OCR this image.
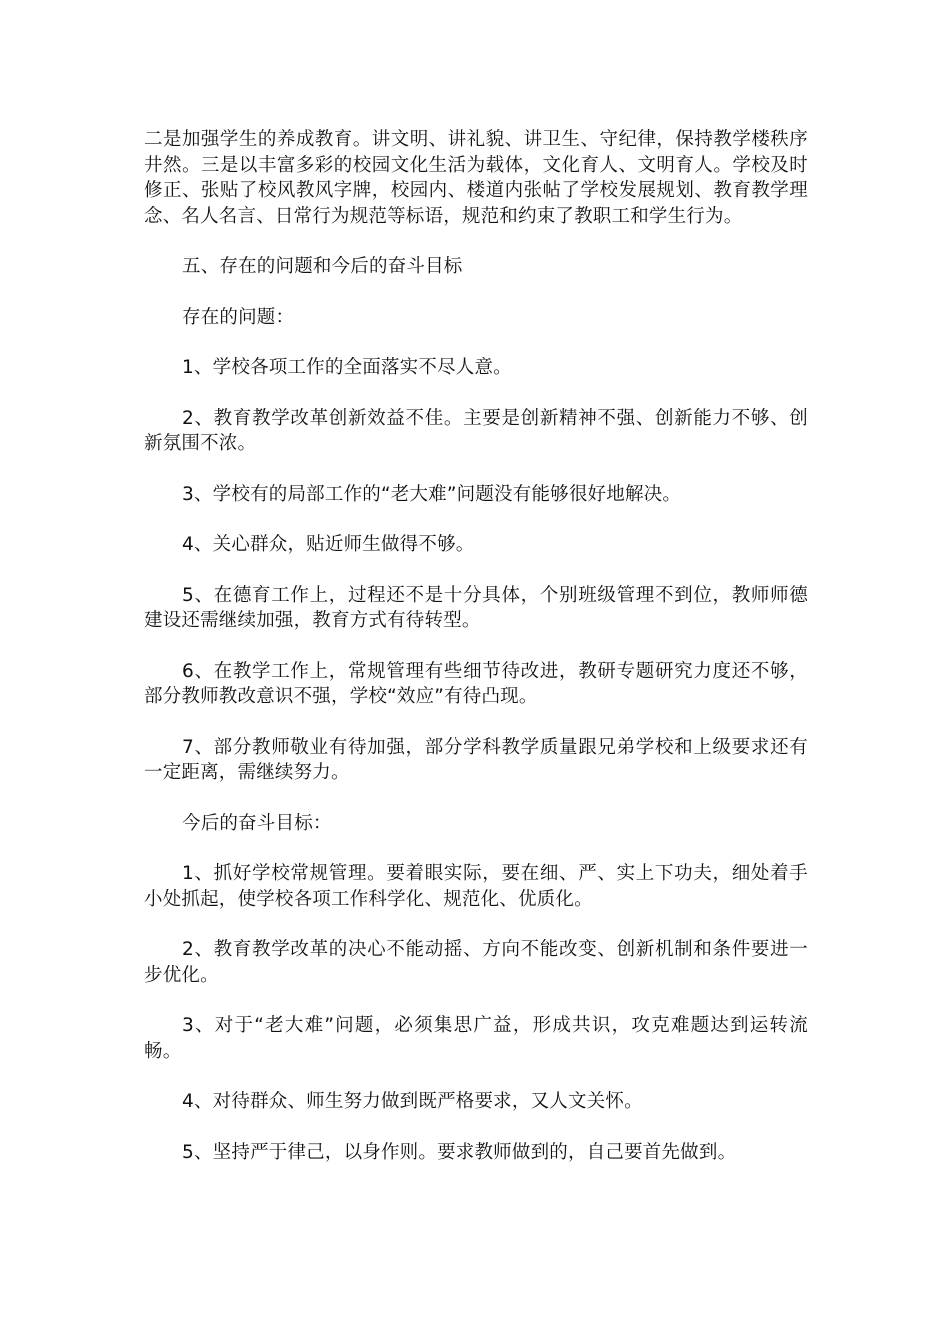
二是加强学生的养成教育。讲文明、讲礼貌、讲卫生、守纪律，保持教学楼秩序井然。三是以丰富多彩的校园文化生活为载体，文化育人、文明育人。学校及时修正、张贴了校风教风字牌，校园内、楼道内张帖了学校发展规划、教育教学理念、名人名言、日常行为规范等标语，规范和约束了教职工和学生行为。

五、存在的问题和今后的奋斗目标

存在的问题：

1、学校各项工作的全面落实不尽人意。

2、教育教学改革创新效益不佳。主要是创新精神不强、创新能力不够、创新氛围不浓。

3、学校有的局部工作的“老大难”问题没有能够很好地解决。

4、关心群众，贴近师生做得不够。

5、在德育工作上，过程还不是十分具体，个别班级管理不到位，教师师德建设还需继续加强，教育方式有待转型。

6、在教学工作上，常规管理有些细节待改进，教研专题研究力度还不够，部分教师教改意识不强，学校“效应”有待凸现。

7、部分教师敬业有待加强，部分学科教学质量跟兄弟学校和上级要求还有一定距离，需继续努力。

今后的奋斗目标：

1、抓好学校常规管理。要着眼实际，要在细、严、实上下功夫，细处着手小处抓起，使学校各项工作科学化、规范化、优质化。

2、教育教学改革的决心不能动摇、方向不能改变、创新机制和条件要进一步优化。

3、对于“老大难”问题，必须集思广益，形成共识，攻克难题达到运转流畅。

4、对待群众、师生努力做到既严格要求，又人文关怀。

5、坚持严于律己，以身作则。要求教师做到的，自己要首先做到。
